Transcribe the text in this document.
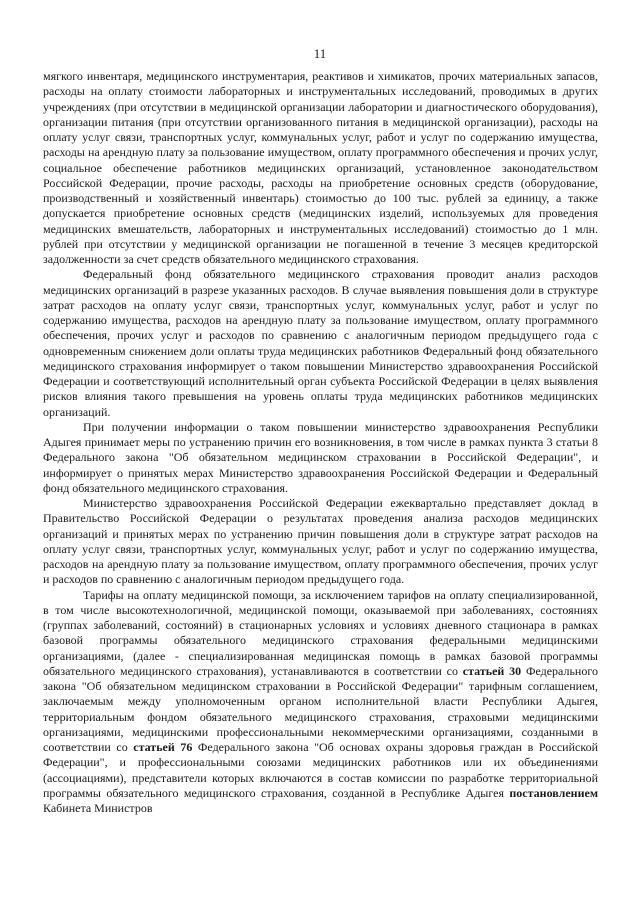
11

мягкого инвентаря, медицинского инструментария, реактивов и химикатов, прочих материальных запасов, расходы на оплату стоимости лабораторных и инструментальных исследований, проводимых в других учреждениях (при отсутствии в медицинской организации лаборатории и диагностического оборудования), организации питания (при отсутствии организованного питания в медицинской организации), расходы на оплату услуг связи, транспортных услуг, коммунальных услуг, работ и услуг по содержанию имущества, расходы на арендную плату за пользование имуществом, оплату программного обеспечения и прочих услуг, социальное обеспечение работников медицинских организаций, установленное законодательством Российской Федерации, прочие расходы, расходы на приобретение основных средств (оборудование, производственный и хозяйственный инвентарь) стоимостью до 100 тыс. рублей за единицу, а также допускается приобретение основных средств (медицинских изделий, используемых для проведения медицинских вмешательств, лабораторных и инструментальных исследований) стоимостью до 1 млн. рублей при отсутствии у медицинской организации не погашенной в течение 3 месяцев кредиторской задолженности за счет средств обязательного медицинского страхования.

Федеральный фонд обязательного медицинского страхования проводит анализ расходов медицинских организаций в разрезе указанных расходов. В случае выявления повышения доли в структуре затрат расходов на оплату услуг связи, транспортных услуг, коммунальных услуг, работ и услуг по содержанию имущества, расходов на арендную плату за пользование имуществом, оплату программного обеспечения, прочих услуг и расходов по сравнению с аналогичным периодом предыдущего года с одновременным снижением доли оплаты труда медицинских работников Федеральный фонд обязательного медицинского страхования информирует о таком повышении Министерство здравоохранения Российской Федерации и соответствующий исполнительный орган субъекта Российской Федерации в целях выявления рисков влияния такого превышения на уровень оплаты труда медицинских работников медицинских организаций.

При получении информации о таком повышении министерство здравоохранения Республики Адыгея принимает меры по устранению причин его возникновения, в том числе в рамках пункта 3 статьи 8 Федерального закона "Об обязательном медицинском страховании в Российской Федерации", и информирует о принятых мерах Министерство здравоохранения Российской Федерации и Федеральный фонд обязательного медицинского страхования.

Министерство здравоохранения Российской Федерации ежеквартально представляет доклад в Правительство Российской Федерации о результатах проведения анализа расходов медицинских организаций и принятых мерах по устранению причин повышения доли в структуре затрат расходов на оплату услуг связи, транспортных услуг, коммунальных услуг, работ и услуг по содержанию имущества, расходов на арендную плату за пользование имуществом, оплату программного обеспечения, прочих услуг и расходов по сравнению с аналогичным периодом предыдущего года.

Тарифы на оплату медицинской помощи, за исключением тарифов на оплату специализированной, в том числе высокотехнологичной, медицинской помощи, оказываемой при заболеваниях, состояниях (группах заболеваний, состояний) в стационарных условиях и условиях дневного стационара в рамках базовой программы обязательного медицинского страхования федеральными медицинскими организациями, (далее - специализированная медицинская помощь в рамках базовой программы обязательного медицинского страхования), устанавливаются в соответствии со статьей 30 Федерального закона "Об обязательном медицинском страховании в Российской Федерации" тарифным соглашением, заключаемым между уполномоченным органом исполнительной власти Республики Адыгея, территориальным фондом обязательного медицинского страхования, страховыми медицинскими организациями, медицинскими профессиональными некоммерческими организациями, созданными в соответствии со статьей 76 Федерального закона "Об основах охраны здоровья граждан в Российской Федерации", и профессиональными союзами медицинских работников или их объединениями (ассоциациями), представители которых включаются в состав комиссии по разработке территориальной программы обязательного медицинского страхования, созданной в Республике Адыгея постановлением Кабинета Министров
